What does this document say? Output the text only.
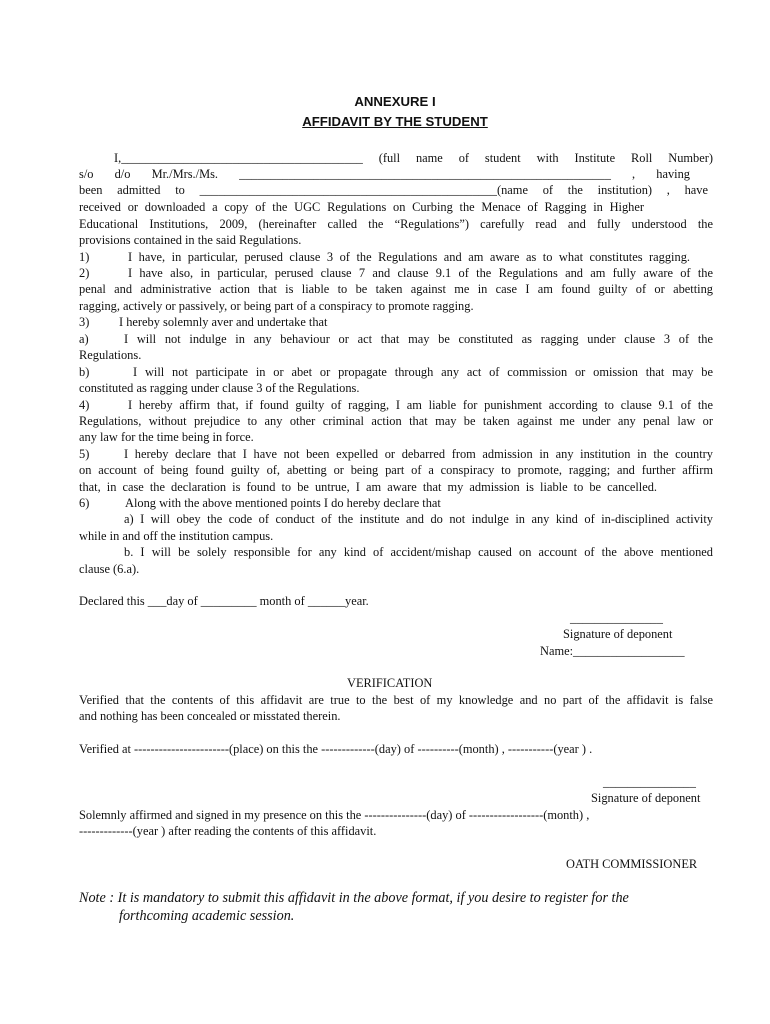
ANNEXURE I
AFFIDAVIT BY THE STUDENT
I,_______________________________________ (full name of student with Institute Roll Number)
s/o d/o Mr./Mrs./Ms. ____________________________________________________________ , having
been admitted to ________________________________________________(name of the institution) , have
received or downloaded a copy of the UGC Regulations on Curbing the Menace of Ragging in Higher
Educational Institutions, 2009, (hereinafter called the “Regulations”) carefully read and fully understood the
provisions contained in the said Regulations.
1)	I have, in particular, perused clause 3 of the Regulations and am aware as to what constitutes ragging.
2)	I have also, in particular, perused clause 7 and clause 9.1 of the Regulations and am fully aware of the
penal and administrative action that is liable to be taken against me in case I am found guilty of or abetting
ragging, actively or passively, or being part of a conspiracy to promote ragging.
3) I hereby solemnly aver and undertake that
a)	I will not indulge in any behaviour or act that may be constituted as ragging under clause 3 of the
Regulations.
b)	I will not participate in or abet or propagate through any act of commission or omission that may be
constituted as ragging under clause 3 of the Regulations.
4)	I hereby affirm that, if found guilty of ragging, I am liable for punishment according to clause 9.1 of the
Regulations, without prejudice to any other criminal action that may be taken against me under any penal law or
any law for the time being in force.
5)	I hereby declare that I have not been expelled or debarred from admission in any institution in the country
on account of being found guilty of, abetting or being part of a conspiracy to promote, ragging; and further affirm
that, in case the declaration is found to be untrue, I am aware that my admission is liable to be cancelled.
6)	Along with the above mentioned points I do hereby declare that
a) I will obey the code of conduct of the institute and do not indulge in any kind of in-disciplined activity
while in and off the institution campus.
b. I will be solely responsible for any kind of accident/mishap caused on account of the above mentioned
clause (6.a).
Declared this ___day of _________ month of ______year.
_______________
Signature of deponent
Name:__________________
VERIFICATION
Verified that the contents of this affidavit are true to the best of my knowledge and no part of the affidavit is false
and nothing has been concealed or misstated therein.
Verified at -----------------------(place) on this the -------------(day) of ----------(month) , -----------(year ) .
_______________
Signature of deponent
Solemnly affirmed and signed in my presence on this the ---------------(day) of ------------------(month) ,
-------------(year ) after reading the contents of this affidavit.
OATH COMMISSIONER
Note : It is mandatory to submit this affidavit in the above format, if you desire to register for the
forthcoming academic session.
